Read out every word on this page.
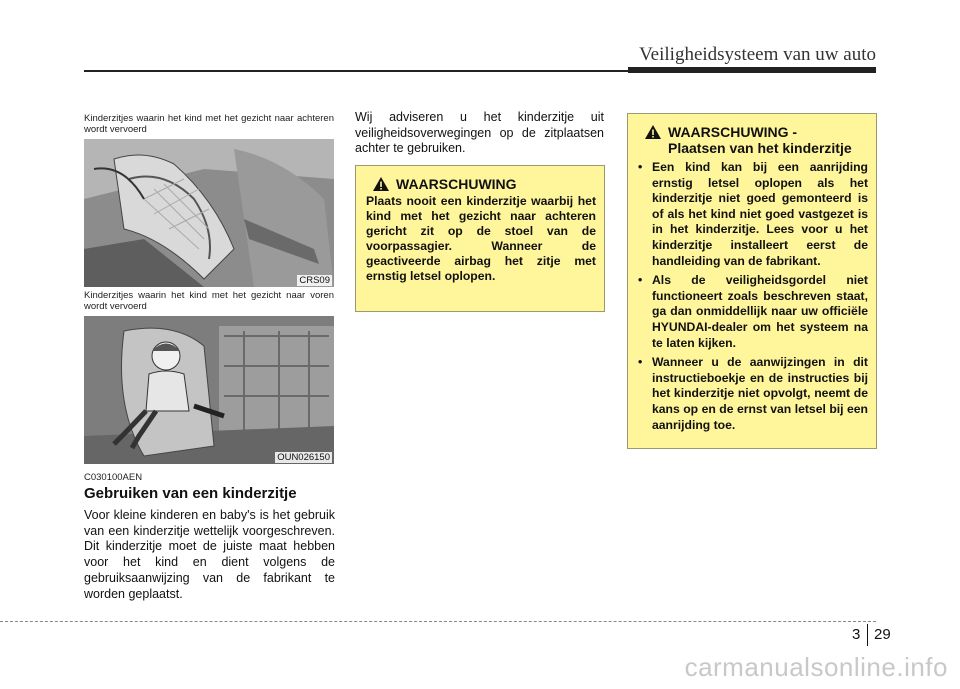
Veiligheidsysteem van uw auto
Kinderzitjes waarin het kind met het gezicht naar achteren wordt vervoerd
CRS09
Kinderzitjes waarin het kind met het gezicht naar voren wordt vervoerd
OUN026150
C030100AEN
Gebruiken van een kinderzitje
Voor kleine kinderen en baby's is het gebruik van een kinderzitje wettelijk voorgeschreven. Dit kinderzitje moet de juiste maat hebben voor het kind en dient volgens de gebruiksaanwijzing van de fabrikant te worden geplaatst.
Wij adviseren u het kinderzitje uit veiligheidsoverwegingen op de zitplaatsen achter te gebruiken.
WAARSCHUWING
Plaats nooit een kinderzitje waarbij het kind met het gezicht naar achteren gericht zit op de stoel van de voorpassagier. Wanneer de geactiveerde airbag het zitje met ernstig letsel oplopen.
WAARSCHUWING -
Plaatsen van het kinderzitje
• Een kind kan bij een aanrijding ernstig letsel oplopen als het kinderzitje niet goed gemonteerd is of als het kind niet goed vastgezet is in het kinderzitje. Lees voor u het kinderzitje installeert eerst de handleiding van de fabrikant.
• Als de veiligheidsgordel niet functioneert zoals beschreven staat, ga dan onmiddellijk naar uw officiële HYUNDAI-dealer om het systeem na te laten kijken.
• Wanneer u de aanwijzingen in dit instructieboekje en de instructies bij het kinderzitje niet opvolgt, neemt de kans op en de ernst van letsel bij een aanrijding toe.
3 29
carmanualsonline.info
